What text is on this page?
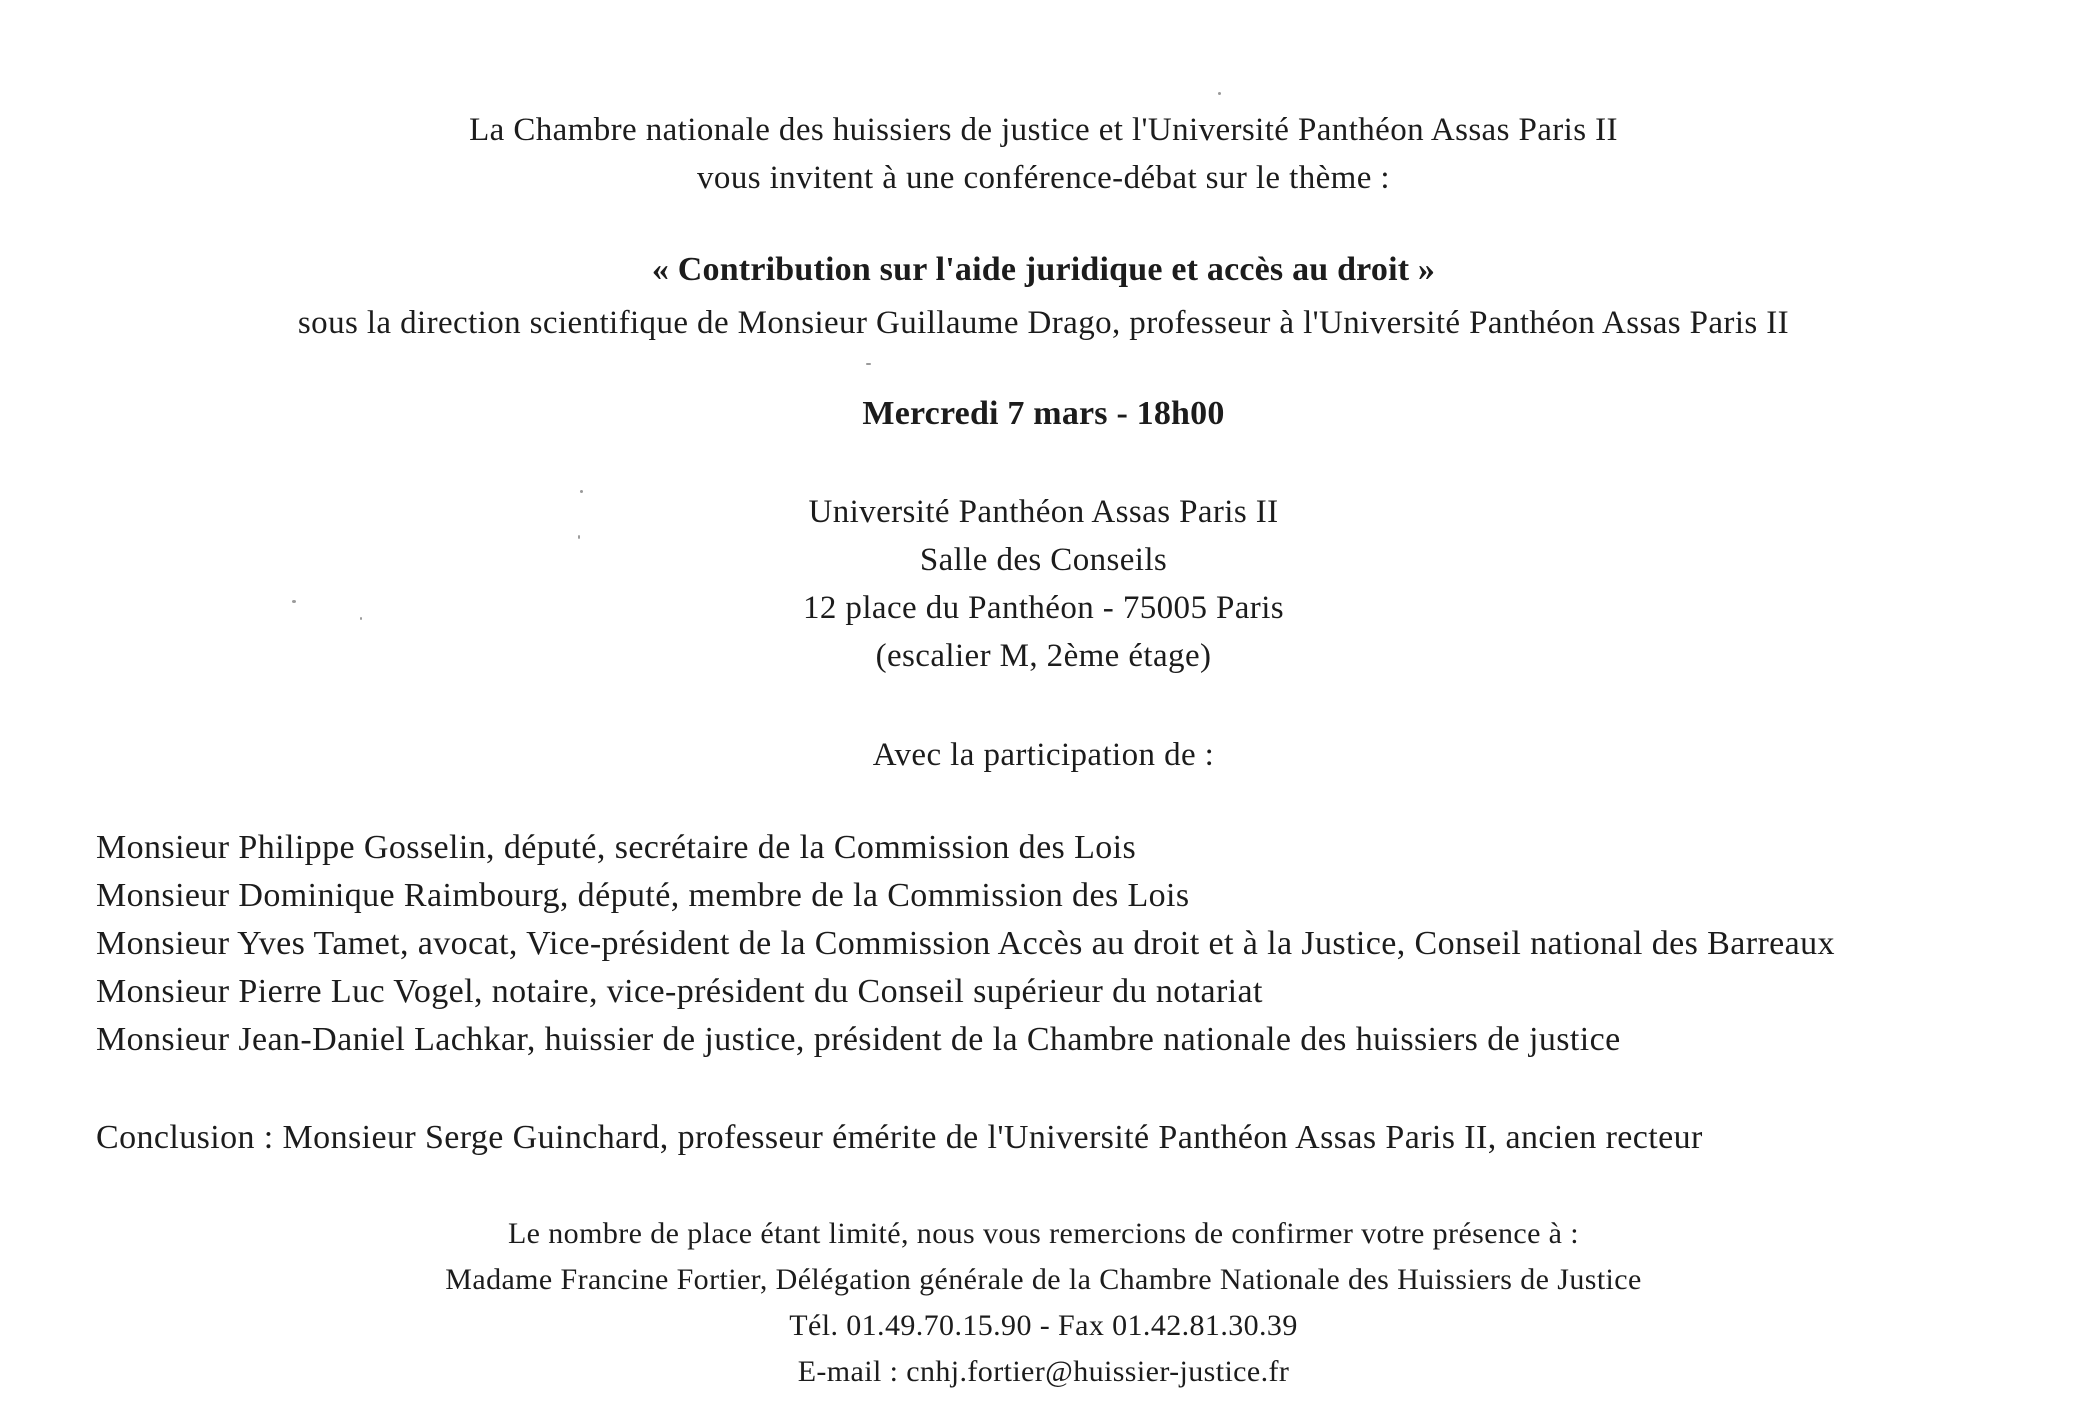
La Chambre nationale des huissiers de justice et l'Université Panthéon Assas Paris II
vous invitent à une conférence-débat sur le thème :
« Contribution sur l'aide juridique et accès au droit »
sous la direction scientifique de Monsieur Guillaume Drago, professeur à l'Université Panthéon Assas Paris II
Mercredi 7 mars - 18h00
Université Panthéon Assas Paris II
Salle des Conseils
12 place du Panthéon - 75005 Paris
(escalier M, 2ème étage)
Avec la participation de :
Monsieur Philippe Gosselin, député, secrétaire de la Commission des Lois
Monsieur Dominique Raimbourg, député, membre de la Commission des Lois
Monsieur Yves Tamet, avocat, Vice-président de la Commission Accès au droit et à la Justice, Conseil national des Barreaux
Monsieur Pierre Luc Vogel, notaire, vice-président du Conseil supérieur du notariat
Monsieur Jean-Daniel Lachkar, huissier de justice, président de la Chambre nationale des huissiers de justice
Conclusion : Monsieur Serge Guinchard, professeur émérite de l'Université Panthéon Assas Paris II, ancien recteur
Le nombre de place étant limité, nous vous remercions de confirmer votre présence à :
Madame Francine Fortier, Délégation générale de la Chambre Nationale des Huissiers de Justice
Tél. 01.49.70.15.90 - Fax 01.42.81.30.39
E-mail : cnhj.fortier@huissier-justice.fr
